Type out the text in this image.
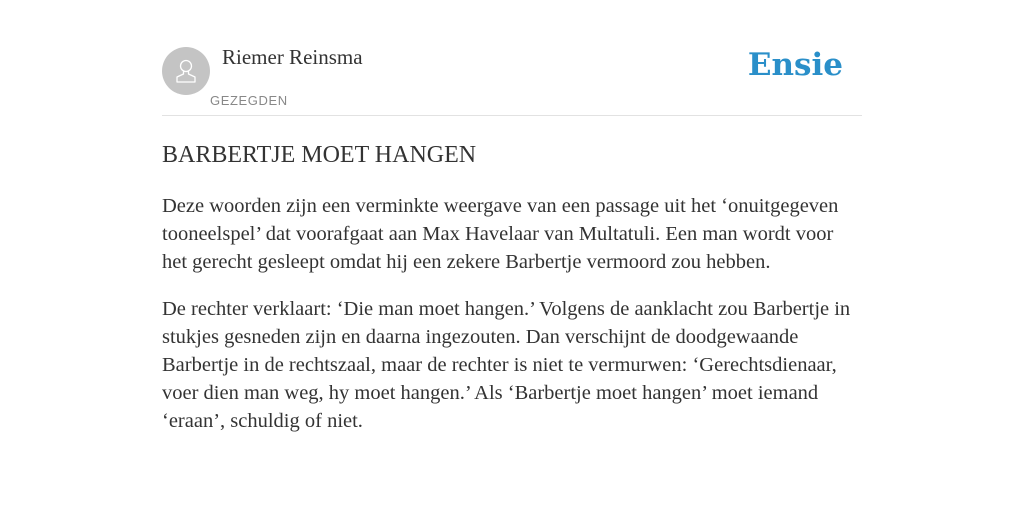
Riemer Reinsma
GEZEGDEN
Ensie
BARBERTJE MOET HANGEN

Deze woorden zijn een verminkte weergave van een passage uit het ‘onuitgegeven tooneelspel’ dat voorafgaat aan Max Havelaar van Multatuli. Een man wordt voor het gerecht gesleept omdat hij een zekere Barbertje vermoord zou hebben.

De rechter verklaart: ‘Die man moet hangen.’ Volgens de aanklacht zou Barbertje in stukjes gesneden zijn en daarna ingezouten. Dan verschijnt de doodgewaande Barbertje in de rechtszaal, maar de rechter is niet te vermurwen: ‘Gerechtsdienaar, voer dien man weg, hy moet hangen.’ Als ‘Barbertje moet hangen’ moet iemand ‘eraan’, schuldig of niet.
